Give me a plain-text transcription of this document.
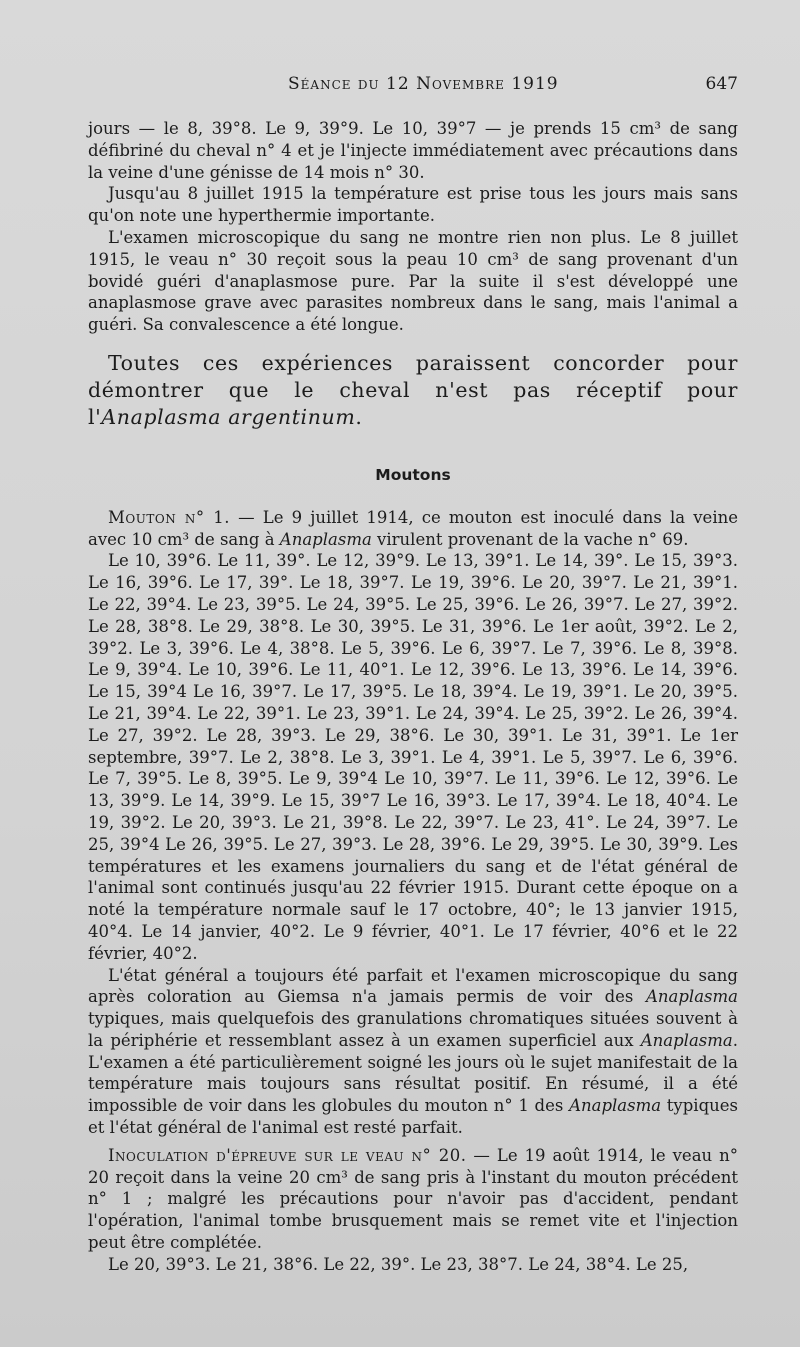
Séance du 12 Novembre 1919	647

jours — le 8, 39°8. Le 9, 39°9. Le 10, 39°7 — je prends 15 cm³ de sang défibriné du cheval n° 4 et je l'injecte immédiatement avec précautions dans la veine d'une génisse de 14 mois n° 30.

Jusqu'au 8 juillet 1915 la température est prise tous les jours mais sans qu'on note une hyperthermie importante.

L'examen microscopique du sang ne montre rien non plus. Le 8 juillet 1915, le veau n° 30 reçoit sous la peau 10 cm³ de sang provenant d'un bovidé guéri d'anaplasmose pure. Par la suite il s'est développé une anaplasmose grave avec parasites nombreux dans le sang, mais l'animal a guéri. Sa convalescence a été longue.

Toutes ces expériences paraissent concorder pour démontrer que le cheval n'est pas réceptif pour l'Anaplasma argentinum.

Moutons

Mouton n° 1. — Le 9 juillet 1914, ce mouton est inoculé dans la veine avec 10 cm³ de sang à Anaplasma virulent provenant de la vache n° 69.

Le 10, 39°6. Le 11, 39°. Le 12, 39°9. Le 13, 39°1. Le 14, 39°. Le 15, 39°3. Le 16, 39°6. Le 17, 39°. Le 18, 39°7. Le 19, 39°6. Le 20, 39°7. Le 21, 39°1. Le 22, 39°4. Le 23, 39°5. Le 24, 39°5. Le 25, 39°6. Le 26, 39°7. Le 27, 39°2. Le 28, 38°8. Le 29, 38°8. Le 30, 39°5. Le 31, 39°6. Le 1er août, 39°2. Le 2, 39°2. Le 3, 39°6. Le 4, 38°8. Le 5, 39°6. Le 6, 39°7. Le 7, 39°6. Le 8, 39°8. Le 9, 39°4. Le 10, 39°6. Le 11, 40°1. Le 12, 39°6. Le 13, 39°6. Le 14, 39°6. Le 15, 39°4 Le 16, 39°7. Le 17, 39°5. Le 18, 39°4. Le 19, 39°1. Le 20, 39°5. Le 21, 39°4. Le 22, 39°1. Le 23, 39°1. Le 24, 39°4. Le 25, 39°2. Le 26, 39°4. Le 27, 39°2. Le 28, 39°3. Le 29, 38°6. Le 30, 39°1. Le 31, 39°1. Le 1er septembre, 39°7. Le 2, 38°8. Le 3, 39°1. Le 4, 39°1. Le 5, 39°7. Le 6, 39°6. Le 7, 39°5. Le 8, 39°5. Le 9, 39°4 Le 10, 39°7. Le 11, 39°6. Le 12, 39°6. Le 13, 39°9. Le 14, 39°9. Le 15, 39°7 Le 16, 39°3. Le 17, 39°4. Le 18, 40°4. Le 19, 39°2. Le 20, 39°3. Le 21, 39°8. Le 22, 39°7. Le 23, 41°. Le 24, 39°7. Le 25, 39°4 Le 26, 39°5. Le 27, 39°3. Le 28, 39°6. Le 29, 39°5. Le 30, 39°9. Les températures et les examens journaliers du sang et de l'état général de l'animal sont continués jusqu'au 22 février 1915. Durant cette époque on a noté la température normale sauf le 17 octobre, 40°; le 13 janvier 1915, 40°4. Le 14 janvier, 40°2. Le 9 février, 40°1. Le 17 février, 40°6 et le 22 février, 40°2.

L'état général a toujours été parfait et l'examen microscopique du sang après coloration au Giemsa n'a jamais permis de voir des Anaplasma typiques, mais quelquefois des granulations chromatiques situées souvent à la périphérie et ressemblant assez à un examen superficiel aux Anaplasma. L'examen a été particulièrement soigné les jours où le sujet manifestait de la température mais toujours sans résultat positif. En résumé, il a été impossible de voir dans les globules du mouton n° 1 des Anaplasma typiques et l'état général de l'animal est resté parfait.

Inoculation d'épreuve sur le veau n° 20. — Le 19 août 1914, le veau n° 20 reçoit dans la veine 20 cm³ de sang pris à l'instant du mouton précédent n° 1 ; malgré les précautions pour n'avoir pas d'accident, pendant l'opération, l'animal tombe brusquement mais se remet vite et l'injection peut être complétée.

Le 20, 39°3. Le 21, 38°6. Le 22, 39°. Le 23, 38°7. Le 24, 38°4. Le 25,
